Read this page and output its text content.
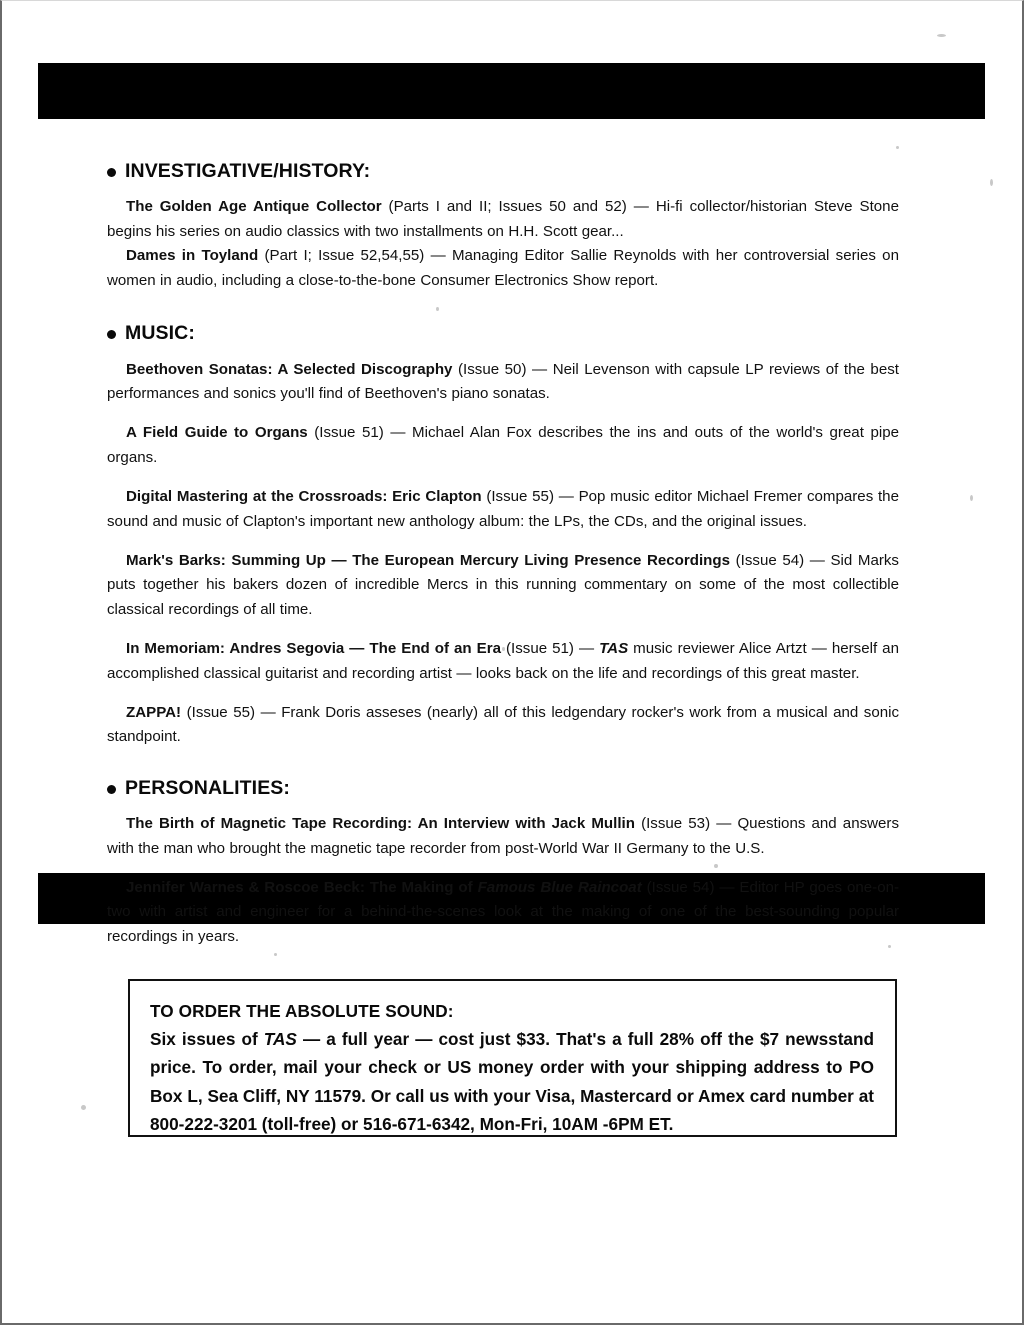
INVESTIGATIVE/HISTORY:

The Golden Age Antique Collector (Parts I and II; Issues 50 and 52) — Hi-fi collector/historian Steve Stone begins his series on audio classics with two installments on H.H. Scott gear...

Dames in Toyland (Part I; Issue 52,54,55) — Managing Editor Sallie Reynolds with her controversial series on women in audio, including a close-to-the-bone Consumer Electronics Show report.

MUSIC:

Beethoven Sonatas: A Selected Discography (Issue 50) — Neil Levenson with capsule LP reviews of the best performances and sonics you'll find of Beethoven's piano sonatas.

A Field Guide to Organs (Issue 51) — Michael Alan Fox describes the ins and outs of the world's great pipe organs.

Digital Mastering at the Crossroads: Eric Clapton (Issue 55) — Pop music editor Michael Fremer compares the sound and music of Clapton's important new anthology album: the LPs, the CDs, and the original issues.

Mark's Barks: Summing Up — The European Mercury Living Presence Recordings (Issue 54) — Sid Marks puts together his bakers dozen of incredible Mercs in this running commentary on some of the most collectible classical recordings of all time.

In Memoriam: Andres Segovia — The End of an Era (Issue 51) — TAS music reviewer Alice Artzt — herself an accomplished classical guitarist and recording artist — looks back on the life and recordings of this great master.

ZAPPA! (Issue 55) — Frank Doris asseses (nearly) all of this ledgendary rocker's work from a musical and sonic standpoint.

PERSONALITIES:

The Birth of Magnetic Tape Recording: An Interview with Jack Mullin (Issue 53) — Questions and answers with the man who brought the magnetic tape recorder from post-World War II Germany to the U.S.

Jennifer Warnes & Roscoe Beck: The Making of Famous Blue Raincoat (Issue 54) — Editor HP goes one-on-two with artist and engineer for a behind-the-scenes look at the making of one of the best-sounding popular recordings in years.

TO ORDER THE ABSOLUTE SOUND:
Six issues of TAS — a full year — cost just $33. That's a full 28% off the $7 newsstand price. To order, mail your check or US money order with your shipping address to PO Box L, Sea Cliff, NY 11579. Or call us with your Visa, Mastercard or Amex card number at 800-222-3201 (toll-free) or 516-671-6342, Mon-Fri, 10AM -6PM ET.
